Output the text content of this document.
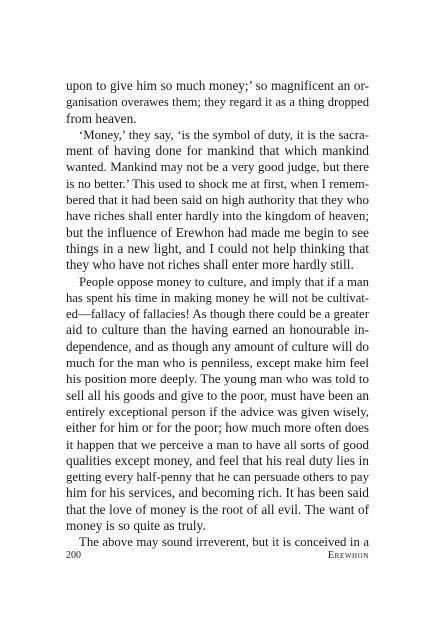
upon to give him so much money;’ so magnificent an or-
ganisation overawes them; they regard it as a thing dropped
from heaven.
‘Money,’ they say, ‘is the symbol of duty, it is the sacra-
ment of having done for mankind that which mankind
wanted. Mankind may not be a very good judge, but there
is no better.’ This used to shock me at first, when I remem-
bered that it had been said on high authority that they who
have riches shall enter hardly into the kingdom of heaven;
but the influence of Erewhon had made me begin to see
things in a new light, and I could not help thinking that
they who have not riches shall enter more hardly still.
People oppose money to culture, and imply that if a man
has spent his time in making money he will not be cultivat-
ed—fallacy of fallacies! As though there could be a greater
aid to culture than the having earned an honourable in-
dependence, and as though any amount of culture will do
much for the man who is penniless, except make him feel
his position more deeply. The young man who was told to
sell all his goods and give to the poor, must have been an
entirely exceptional person if the advice was given wisely,
either for him or for the poor; how much more often does
it happen that we perceive a man to have all sorts of good
qualities except money, and feel that his real duty lies in
getting every half-penny that he can persuade others to pay
him for his services, and becoming rich. It has been said
that the love of money is the root of all evil. The want of
money is so quite as truly.
The above may sound irreverent, but it is conceived in a
200	Erewhon
